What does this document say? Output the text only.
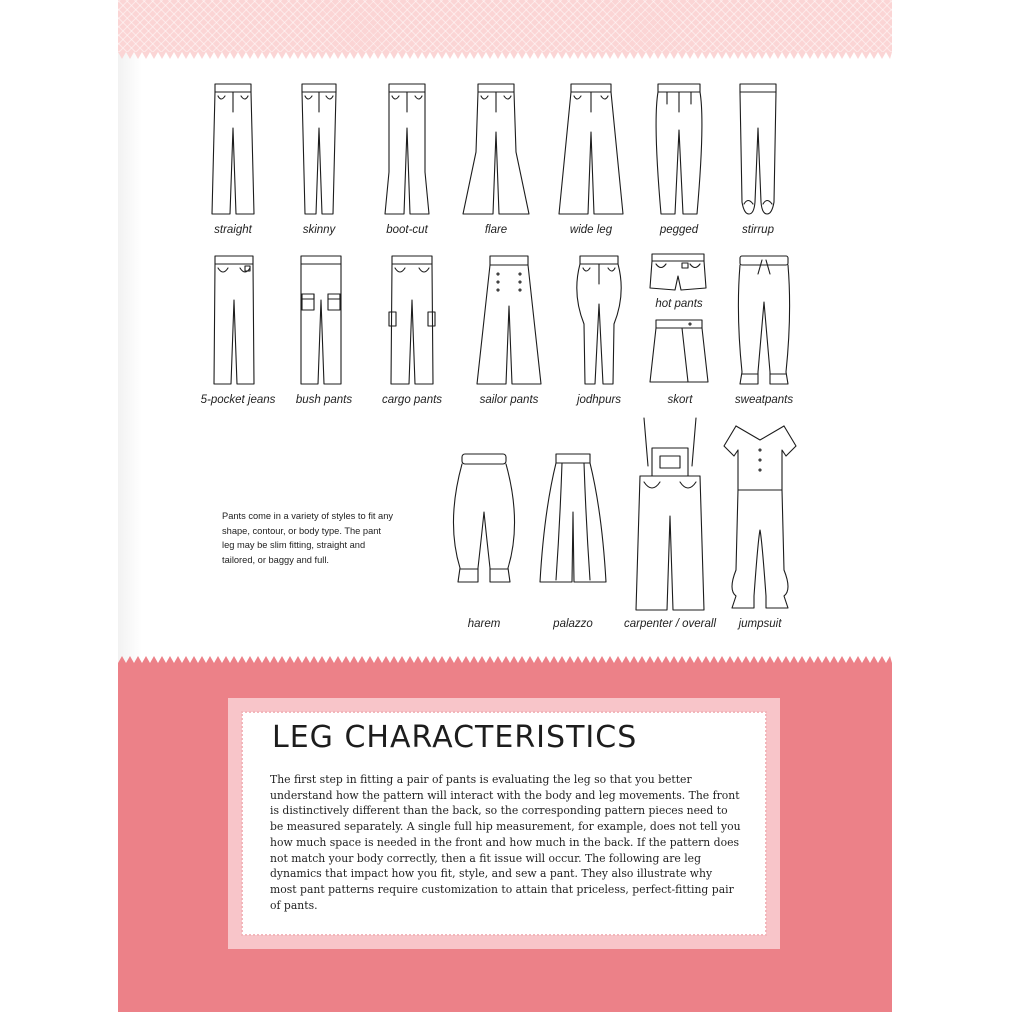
straight	skinny	boot-cut	flare	wide leg	pegged	stirrup
5-pocket jeans bush pants	cargo pants	sailor pants	jodhpurs
hot pants
skort	sweatpants
harem	palazzo	carpenter / overall jumpsuit

Pants come in a variety of styles to fit any shape, contour, or body type. The pant leg may be slim fitting, straight and tailored, or baggy and full.

LEG CHARACTERISTICS

The first step in fitting a pair of pants is evaluating the leg so that you better understand how the pattern will interact with the body and leg movements. The front is distinctively different than the back, so the corresponding pattern pieces need to be measured separately. A single full hip measurement, for example, does not tell you how much space is needed in the front and how much in the back. If the pattern does not match your body correctly, then a fit issue will occur. The following are leg dynamics that impact how you fit, style, and sew a pant. They also illustrate why most pant patterns require customization to attain that priceless, perfect-fitting pair of pants.
